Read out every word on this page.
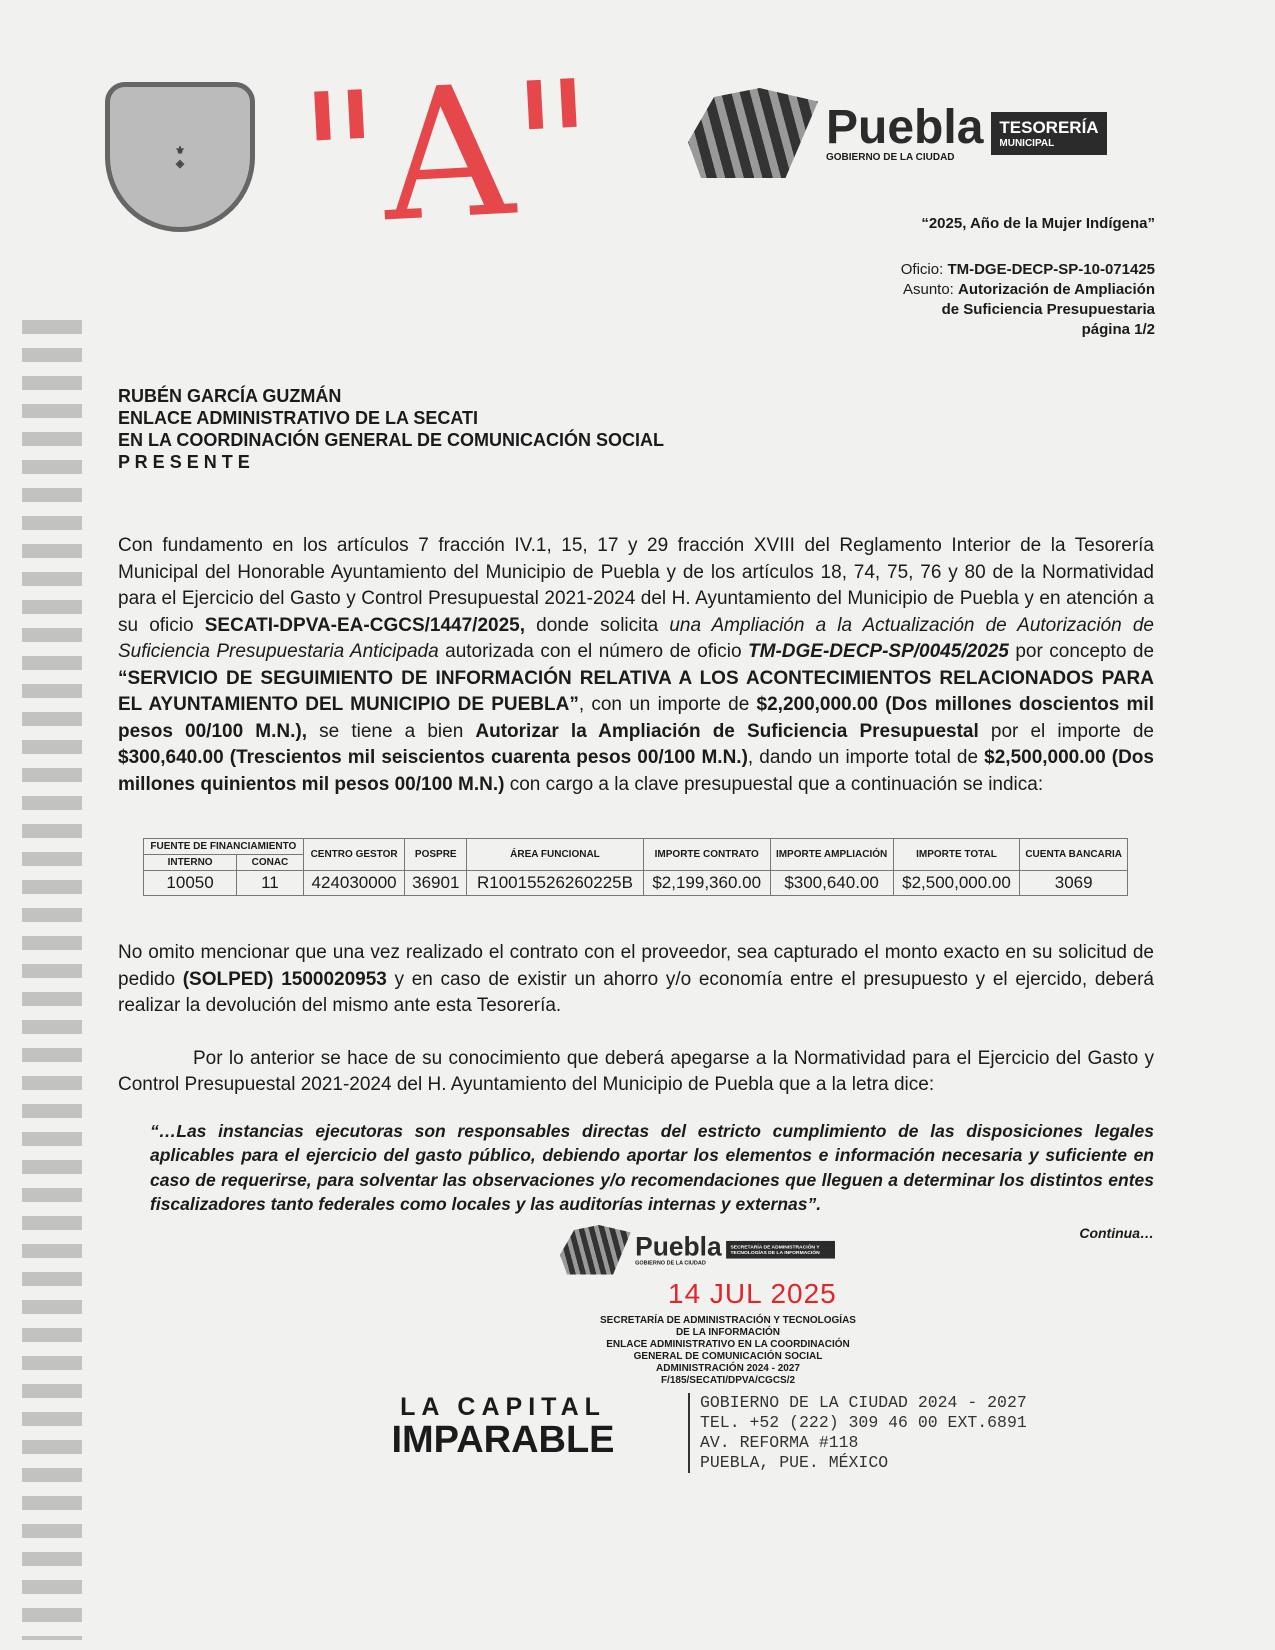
⚜
◈ "A"	Puebla
GOBIERNO DE LA CIUDAD
TESORERÍA
MUNICIPAL
“2025, Año de la Mujer Indígena”
Oficio: TM-DGE-DECP-SP-10-071425
Asunto: Autorización de Ampliación
de Suficiencia Presupuestaria
página 1/2
RUBÉN GARCÍA GUZMÁN
ENLACE ADMINISTRATIVO DE LA SECATI
EN LA COORDINACIÓN GENERAL DE COMUNICACIÓN SOCIAL
P R E S E N T E

Con fundamento en los artículos 7 fracción IV.1, 15, 17 y 29 fracción XVIII del Reglamento Interior de la Tesorería Municipal del Honorable Ayuntamiento del Municipio de Puebla y de los artículos 18, 74, 75, 76 y 80 de la Normatividad para el Ejercicio del Gasto y Control Presupuestal 2021-2024 del H. Ayuntamiento del Municipio de Puebla y en atención a su oficio SECATI-DPVA-EA-CGCS/1447/2025, donde solicita una Ampliación a la Actualización de Autorización de Suficiencia Presupuestaria Anticipada autorizada con el número de oficio TM-DGE-DECP-SP/0045/2025 por concepto de “SERVICIO DE SEGUIMIENTO DE INFORMACIÓN RELATIVA A LOS ACONTECIMIENTOS RELACIONADOS PARA EL AYUNTAMIENTO DEL MUNICIPIO DE PUEBLA”, con un importe de $2,200,000.00 (Dos millones doscientos mil pesos 00/100 M.N.), se tiene a bien Autorizar la Ampliación de Suficiencia Presupuestal por el importe de $300,640.00 (Trescientos mil seiscientos cuarenta pesos 00/100 M.N.), dando un importe total de $2,500,000.00 (Dos millones quinientos mil pesos 00/100 M.N.) con cargo a la clave presupuestal que a continuación se indica:

FUENTE DE FINANCIAMIENTO		CENTRO GESTOR	POSPRE	ÁREA FUNCIONAL	IMPORTE CONTRATO	IMPORTE AMPLIACIÓN	IMPORTE TOTAL	CUENTA BANCARIA
INTERNO	CONAC							
10050	11	424030000	36901	R10015526260225B	$2,199,360.00	$300,640.00	$2,500,000.00	3069

No omito mencionar que una vez realizado el contrato con el proveedor, sea capturado el monto exacto en su solicitud de pedido (SOLPED) 1500020953 y en caso de existir un ahorro y/o economía entre el presupuesto y el ejercido, deberá realizar la devolución del mismo ante esta Tesorería.

Por lo anterior se hace de su conocimiento que deberá apegarse a la Normatividad para el Ejercicio del Gasto y Control Presupuestal 2021-2024 del H. Ayuntamiento del Municipio de Puebla que a la letra dice:

“…Las instancias ejecutoras son responsables directas del estricto cumplimiento de las disposiciones legales aplicables para el ejercicio del gasto público, debiendo aportar los elementos e información necesaria y suficiente en caso de requerirse, para solventar las observaciones y/o recomendaciones que lleguen a determinar los distintos entes fiscalizadores tanto federales como locales y las auditorías internas y externas”.

Puebla
GOBIERNO DE LA CIUDAD
SECRETARÍA DE ADMINISTRACIÓN Y TECNOLOGÍAS DE LA INFORMACIÓN
Continua…
14 JUL 2025
SECRETARÍA DE ADMINISTRACIÓN Y TECNOLOGÍAS
DE LA INFORMACIÓN
ENLACE ADMINISTRATIVO EN LA COORDINACIÓN
GENERAL DE COMUNICACIÓN SOCIAL
ADMINISTRACIÓN 2024 - 2027
F/185/SECATI/DPVA/CGCS/2
LA CAPITAL
IMPARABLE
GOBIERNO DE LA CIUDAD 2024 - 2027
TEL. +52 (222) 309 46 00 EXT.6891
AV. REFORMA #118
PUEBLA, PUE. MÉXICO
